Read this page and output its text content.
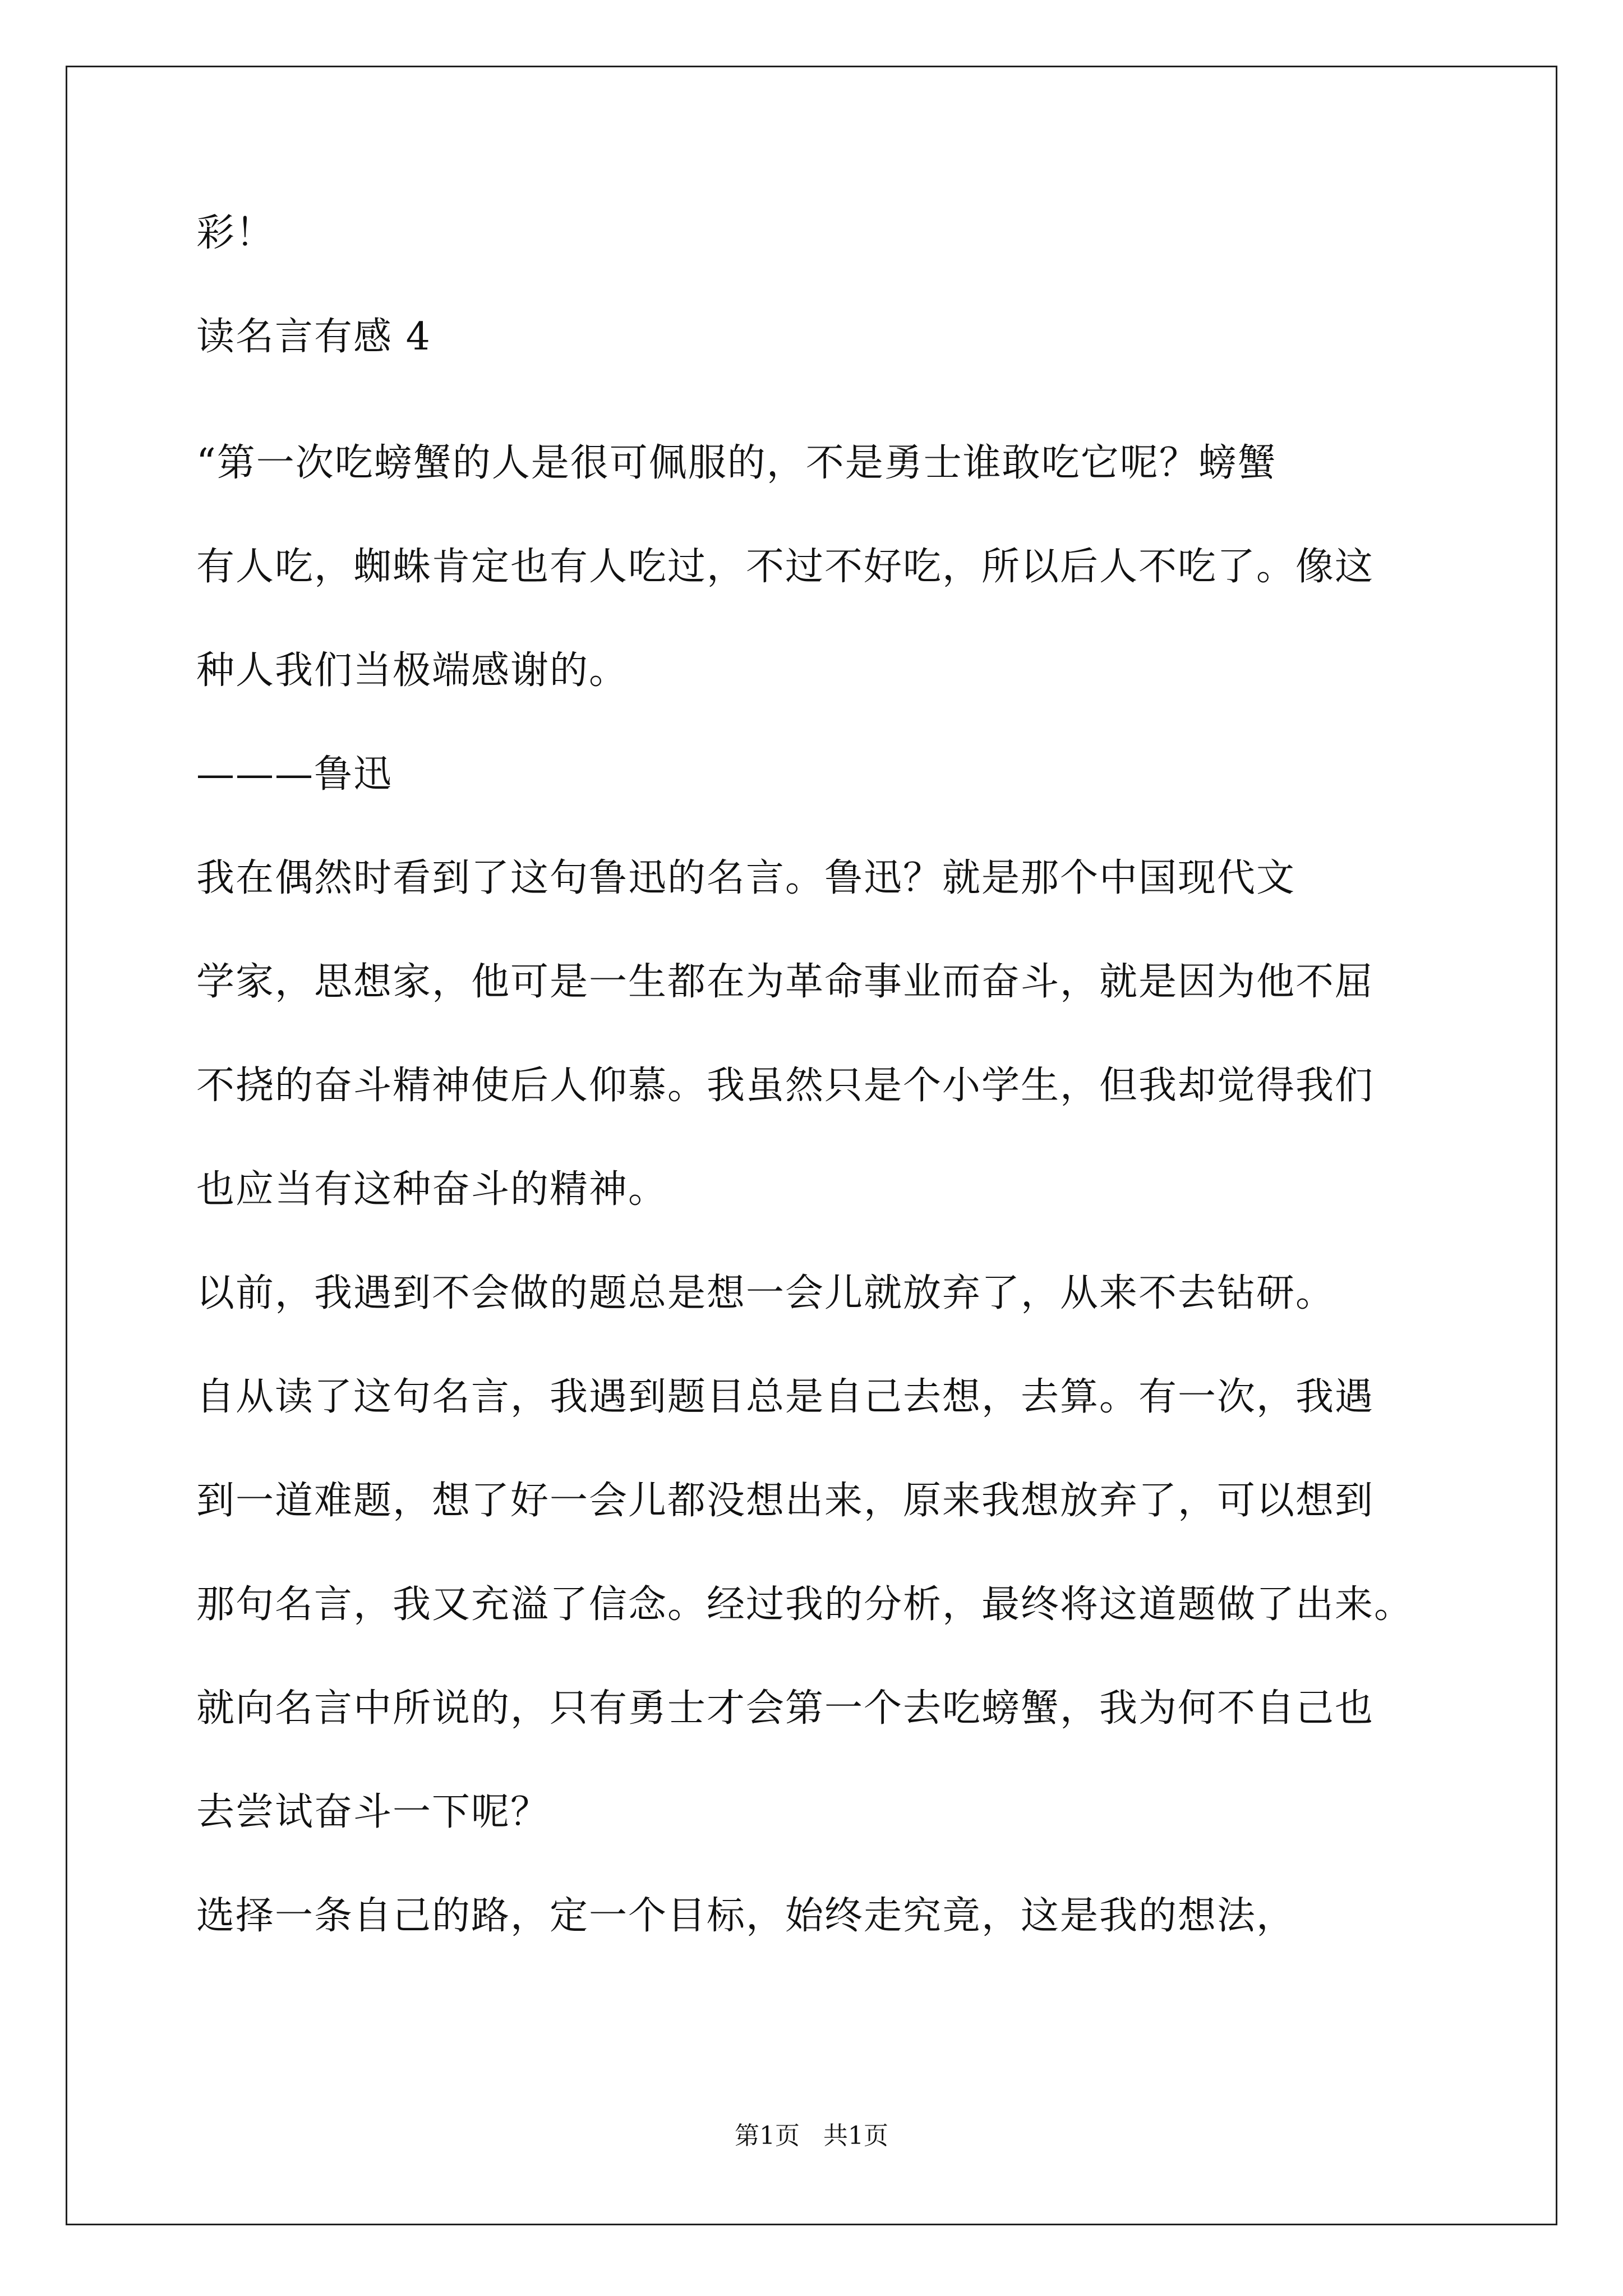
彩！
读名言有感 4
“第一次吃螃蟹的人是很可佩服的，不是勇士谁敢吃它呢？螃蟹
有人吃，蜘蛛肯定也有人吃过，不过不好吃，所以后人不吃了。像这
种人我们当极端感谢的。
———鲁迅
我在偶然时看到了这句鲁迅的名言。鲁迅？就是那个中国现代文
学家，思想家，他可是一生都在为革命事业而奋斗，就是因为他不屈
不挠的奋斗精神使后人仰慕。我虽然只是个小学生，但我却觉得我们
也应当有这种奋斗的精神。
以前，我遇到不会做的题总是想一会儿就放弃了，从来不去钻研。
自从读了这句名言，我遇到题目总是自己去想，去算。有一次，我遇
到一道难题，想了好一会儿都没想出来，原来我想放弃了，可以想到
那句名言，我又充溢了信念。经过我的分析，最终将这道题做了出来。
就向名言中所说的，只有勇士才会第一个去吃螃蟹，我为何不自己也
去尝试奋斗一下呢？
选择一条自己的路，定一个目标，始终走究竟，这是我的想法，
第1页   共1页
